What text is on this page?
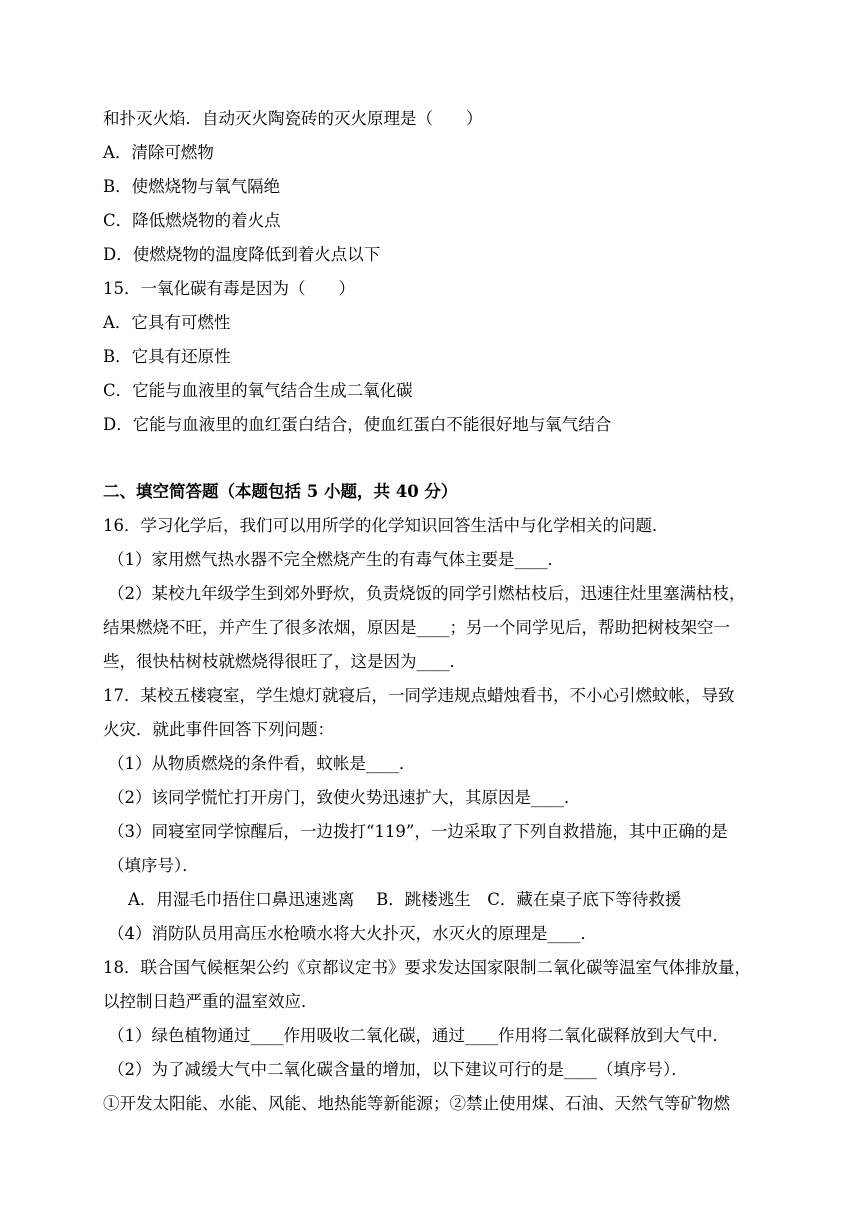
和扑灭火焰．自动灭火陶瓷砖的灭火原理是（　　）

A．清除可燃物

B．使燃烧物与氧气隔绝

C．降低燃烧物的着火点

D．使燃烧物的温度降低到着火点以下

15．一氧化碳有毒是因为（　　）

A．它具有可燃性

B．它具有还原性

C．它能与血液里的氧气结合生成二氧化碳

D．它能与血液里的血红蛋白结合，使血红蛋白不能很好地与氧气结合

二、填空简答题（本题包括 5 小题，共 40 分）

16．学习化学后，我们可以用所学的化学知识回答生活中与化学相关的问题．

（1）家用燃气热水器不完全燃烧产生的有毒气体主要是____．

（2）某校九年级学生到郊外野炊，负责烧饭的同学引燃枯枝后，迅速往灶里塞满枯枝，

结果燃烧不旺，并产生了很多浓烟，原因是____；另一个同学见后，帮助把树枝架空一

些，很快枯树枝就燃烧得很旺了，这是因为____．

17．某校五楼寝室，学生熄灯就寝后，一同学违规点蜡烛看书，不小心引燃蚊帐，导致

火灾．就此事件回答下列问题：

（1）从物质燃烧的条件看，蚊帐是____．

（2）该同学慌忙打开房门，致使火势迅速扩大，其原因是____．

（3）同寝室同学惊醒后，一边拨打“119”，一边采取了下列自救措施，其中正确的是

（填序号）．

A．用湿毛巾捂住口鼻迅速逃离　 B．跳楼逃生　C．藏在桌子底下等待救援

（4）消防队员用高压水枪喷水将大火扑灭，水灭火的原理是____．

18．联合国气候框架公约《京都议定书》要求发达国家限制二氧化碳等温室气体排放量，

以控制日趋严重的温室效应．

（1）绿色植物通过____作用吸收二氧化碳，通过____作用将二氧化碳释放到大气中．

（2）为了减缓大气中二氧化碳含量的增加，以下建议可行的是____（填序号）．

①开发太阳能、水能、风能、地热能等新能源；②禁止使用煤、石油、天然气等矿物燃
